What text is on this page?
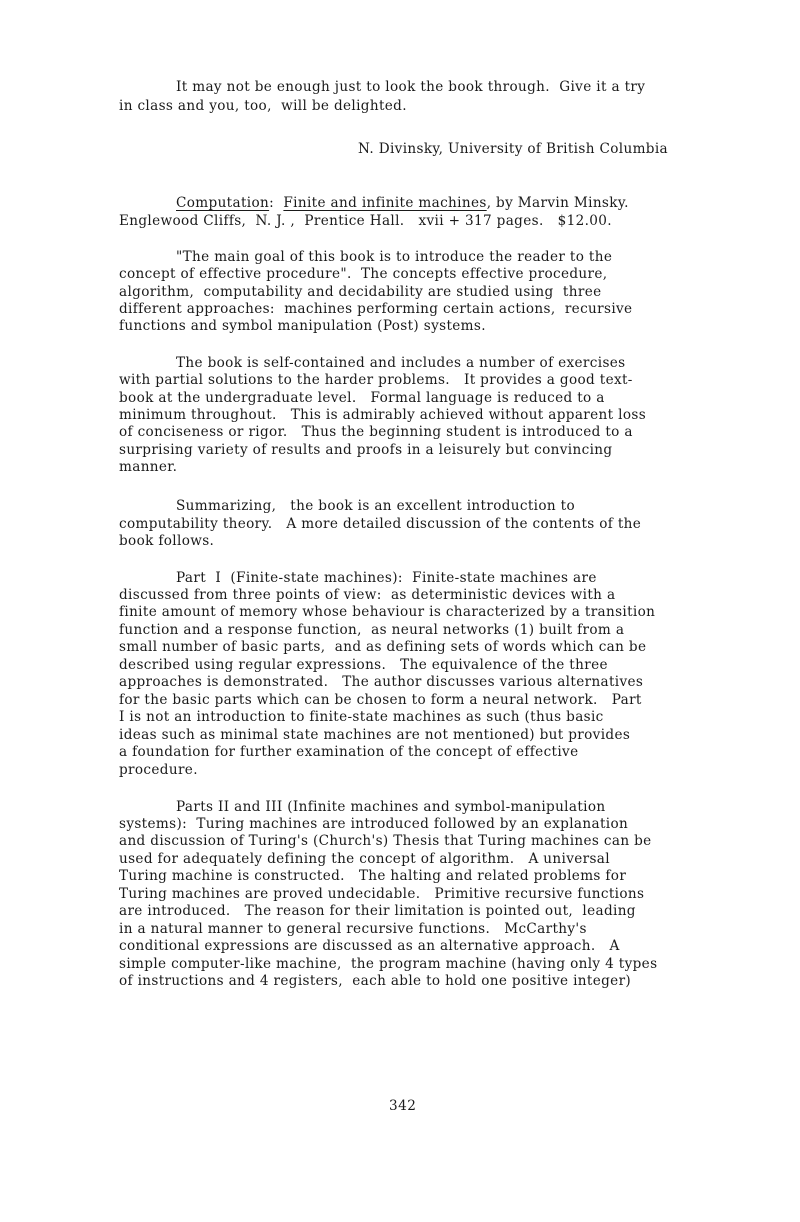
It may not be enough just to look the book through.  Give it a try
in class and you, too,  will be delighted.
N. Divinsky, University of British Columbia
Computation:  Finite and infinite machines, by Marvin Minsky.
Englewood Cliffs,  N. J. ,  Prentice Hall.   xvii + 317 pages.   $12.00.
"The main goal of this book is to introduce the reader to the
concept of effective procedure".  The concepts effective procedure,
algorithm,  computability and decidability are studied using  three
different approaches:  machines performing certain actions,  recursive
functions and symbol manipulation (Post) systems.
The book is self-contained and includes a number of exercises
with partial solutions to the harder problems.   It provides a good text-
book at the undergraduate level.   Formal language is reduced to a
minimum throughout.   This is admirably achieved without apparent loss
of conciseness or rigor.   Thus the beginning student is introduced to a
surprising variety of results and proofs in a leisurely but convincing
manner.
Summarizing,   the book is an excellent introduction to
computability theory.   A more detailed discussion of the contents of the
book follows.
Part  I  (Finite-state machines):  Finite-state machines are
discussed from three points of view:  as deterministic devices with a
finite amount of memory whose behaviour is characterized by a transition
function and a response function,  as neural networks (1) built from a
small number of basic parts,  and as defining sets of words which can be
described using regular expressions.   The equivalence of the three
approaches is demonstrated.   The author discusses various alternatives
for the basic parts which can be chosen to form a neural network.   Part
I is not an introduction to finite-state machines as such (thus basic
ideas such as minimal state machines are not mentioned) but provides
a foundation for further examination of the concept of effective
procedure.
Parts II and III (Infinite machines and symbol-manipulation
systems):  Turing machines are introduced followed by an explanation
and discussion of Turing's (Church's) Thesis that Turing machines can be
used for adequately defining the concept of algorithm.   A universal
Turing machine is constructed.   The halting and related problems for
Turing machines are proved undecidable.   Primitive recursive functions
are introduced.   The reason for their limitation is pointed out,  leading
in a natural manner to general recursive functions.   McCarthy's
conditional expressions are discussed as an alternative approach.   A
simple computer-like machine,  the program machine (having only 4 types
of instructions and 4 registers,  each able to hold one positive integer)
342
